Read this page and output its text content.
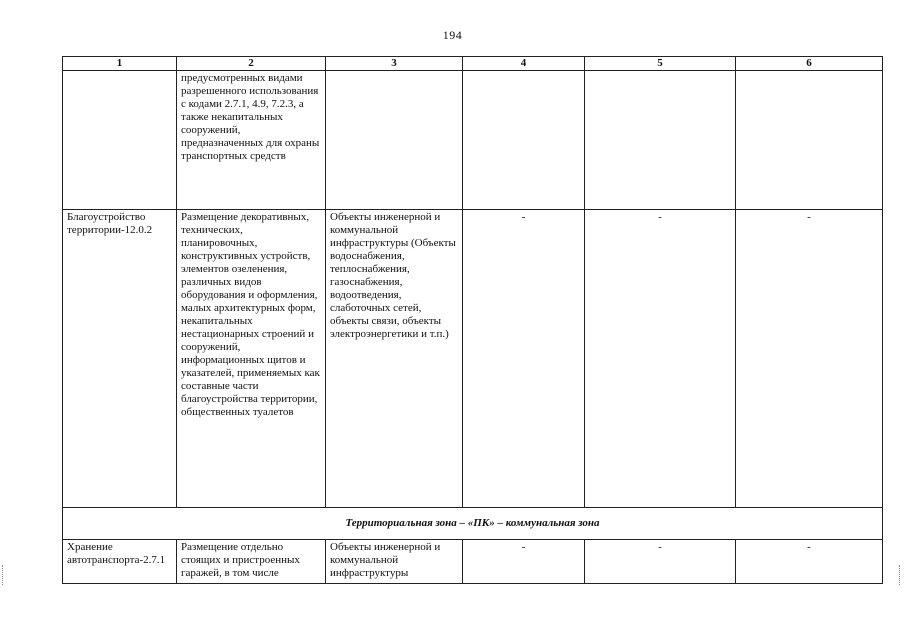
194
1	2	3	4	5	6
	предусмотренных видами разрешенного использования с кодами 2.7.1, 4.9, 7.2.3, а также некапитальных сооружений, предназначенных для охраны транспортных средств				
Благоустройство территории-12.0.2	Размещение декоративных, технических, планировочных, конструктивных устройств, элементов озеленения, различных видов оборудования и оформления, малых архитектурных форм, некапитальных нестационарных строений и сооружений, информационных щитов и указателей, применяемых как составные части благоустройства территории, общественных туалетов	Объекты инженерной и коммунальной инфраструктуры (Объекты водоснабжения, теплоснабжения, газоснабжения, водоотведения, слаботочных сетей, объекты связи, объекты электроэнергетики и т.п.)	-	-	-
Территориальная зона – «ПК» – коммунальная зона					
Хранение автотранспорта-2.7.1	Размещение отдельно стоящих и пристроенных гаражей, в том числе	Объекты инженерной и коммунальной инфраструктуры	-	-	-
